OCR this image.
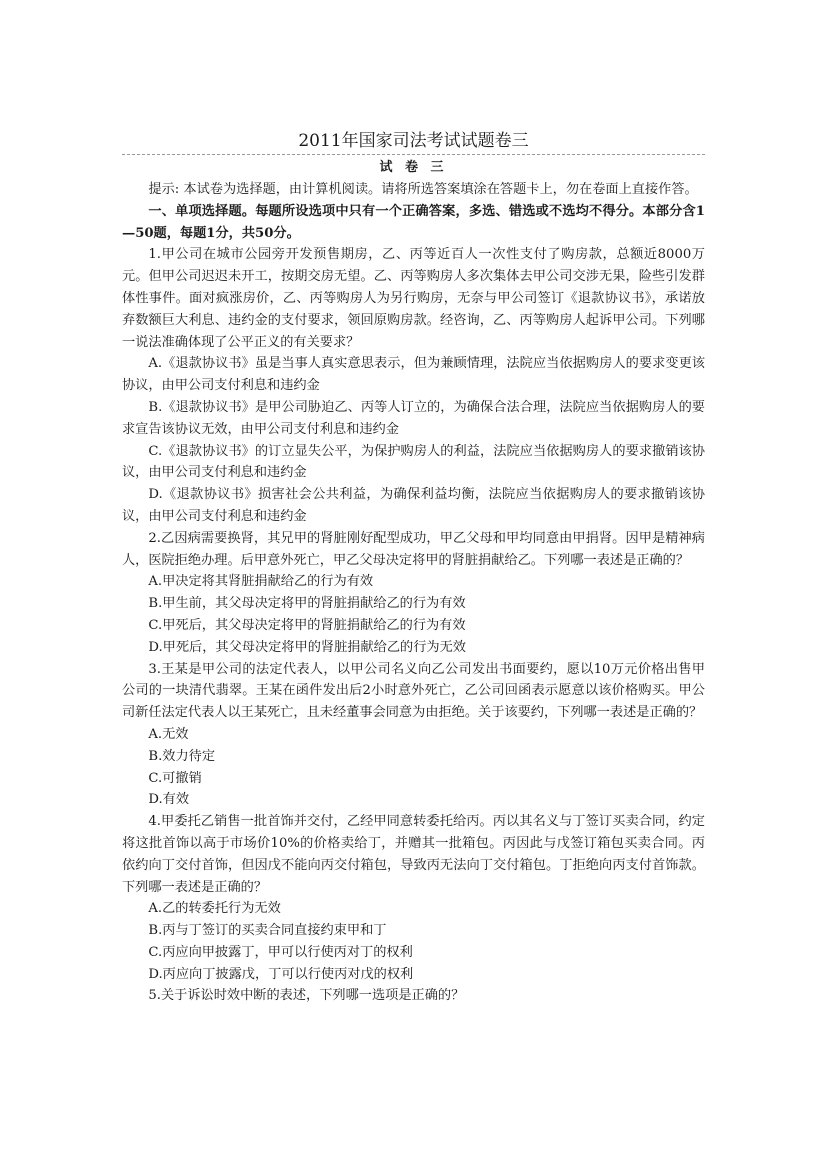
2011年国家司法考试试题卷三
试 卷 三

提示: 本试卷为选择题，由计算机阅读。请将所选答案填涂在答题卡上，勿在卷面上直接作答。

一、单项选择题。每题所设选项中只有一个正确答案，多选、错选或不选均不得分。本部分含1—50题，每题1分，共50分。

1.甲公司在城市公园旁开发预售期房，乙、丙等近百人一次性支付了购房款，总额近8000万元。但甲公司迟迟未开工，按期交房无望。乙、丙等购房人多次集体去甲公司交涉无果，险些引发群体性事件。面对疯涨房价，乙、丙等购房人为另行购房，无奈与甲公司签订《退款协议书》，承诺放弃数额巨大利息、违约金的支付要求，领回原购房款。经咨询，乙、丙等购房人起诉甲公司。下列哪一说法准确体现了公平正义的有关要求？

A.《退款协议书》虽是当事人真实意思表示，但为兼顾情理，法院应当依据购房人的要求变更该协议，由甲公司支付利息和违约金

B.《退款协议书》是甲公司胁迫乙、丙等人订立的，为确保合法合理，法院应当依据购房人的要求宣告该协议无效，由甲公司支付利息和违约金

C.《退款协议书》的订立显失公平，为保护购房人的利益，法院应当依据购房人的要求撤销该协议，由甲公司支付利息和违约金

D.《退款协议书》损害社会公共利益，为确保利益均衡，法院应当依据购房人的要求撤销该协议，由甲公司支付利息和违约金

2.乙因病需要换肾，其兄甲的肾脏刚好配型成功，甲乙父母和甲均同意由甲捐肾。因甲是精神病人，医院拒绝办理。后甲意外死亡，甲乙父母决定将甲的肾脏捐献给乙。下列哪一表述是正确的？

A.甲决定将其肾脏捐献给乙的行为有效

B.甲生前，其父母决定将甲的肾脏捐献给乙的行为有效

C.甲死后，其父母决定将甲的肾脏捐献给乙的行为有效

D.甲死后，其父母决定将甲的肾脏捐献给乙的行为无效

3.王某是甲公司的法定代表人，以甲公司名义向乙公司发出书面要约，愿以10万元价格出售甲公司的一块清代翡翠。王某在函件发出后2小时意外死亡，乙公司回函表示愿意以该价格购买。甲公司新任法定代表人以王某死亡，且未经董事会同意为由拒绝。关于该要约，下列哪一表述是正确的？

A.无效

B.效力待定

C.可撤销

D.有效

4.甲委托乙销售一批首饰并交付，乙经甲同意转委托给丙。丙以其名义与丁签订买卖合同，约定将这批首饰以高于市场价10%的价格卖给丁，并赠其一批箱包。丙因此与戊签订箱包买卖合同。丙依约向丁交付首饰，但因戊不能向丙交付箱包，导致丙无法向丁交付箱包。丁拒绝向丙支付首饰款。下列哪一表述是正确的？

A.乙的转委托行为无效

B.丙与丁签订的买卖合同直接约束甲和丁

C.丙应向甲披露丁，甲可以行使丙对丁的权利

D.丙应向丁披露戊，丁可以行使丙对戊的权利

5.关于诉讼时效中断的表述，下列哪一选项是正确的？
